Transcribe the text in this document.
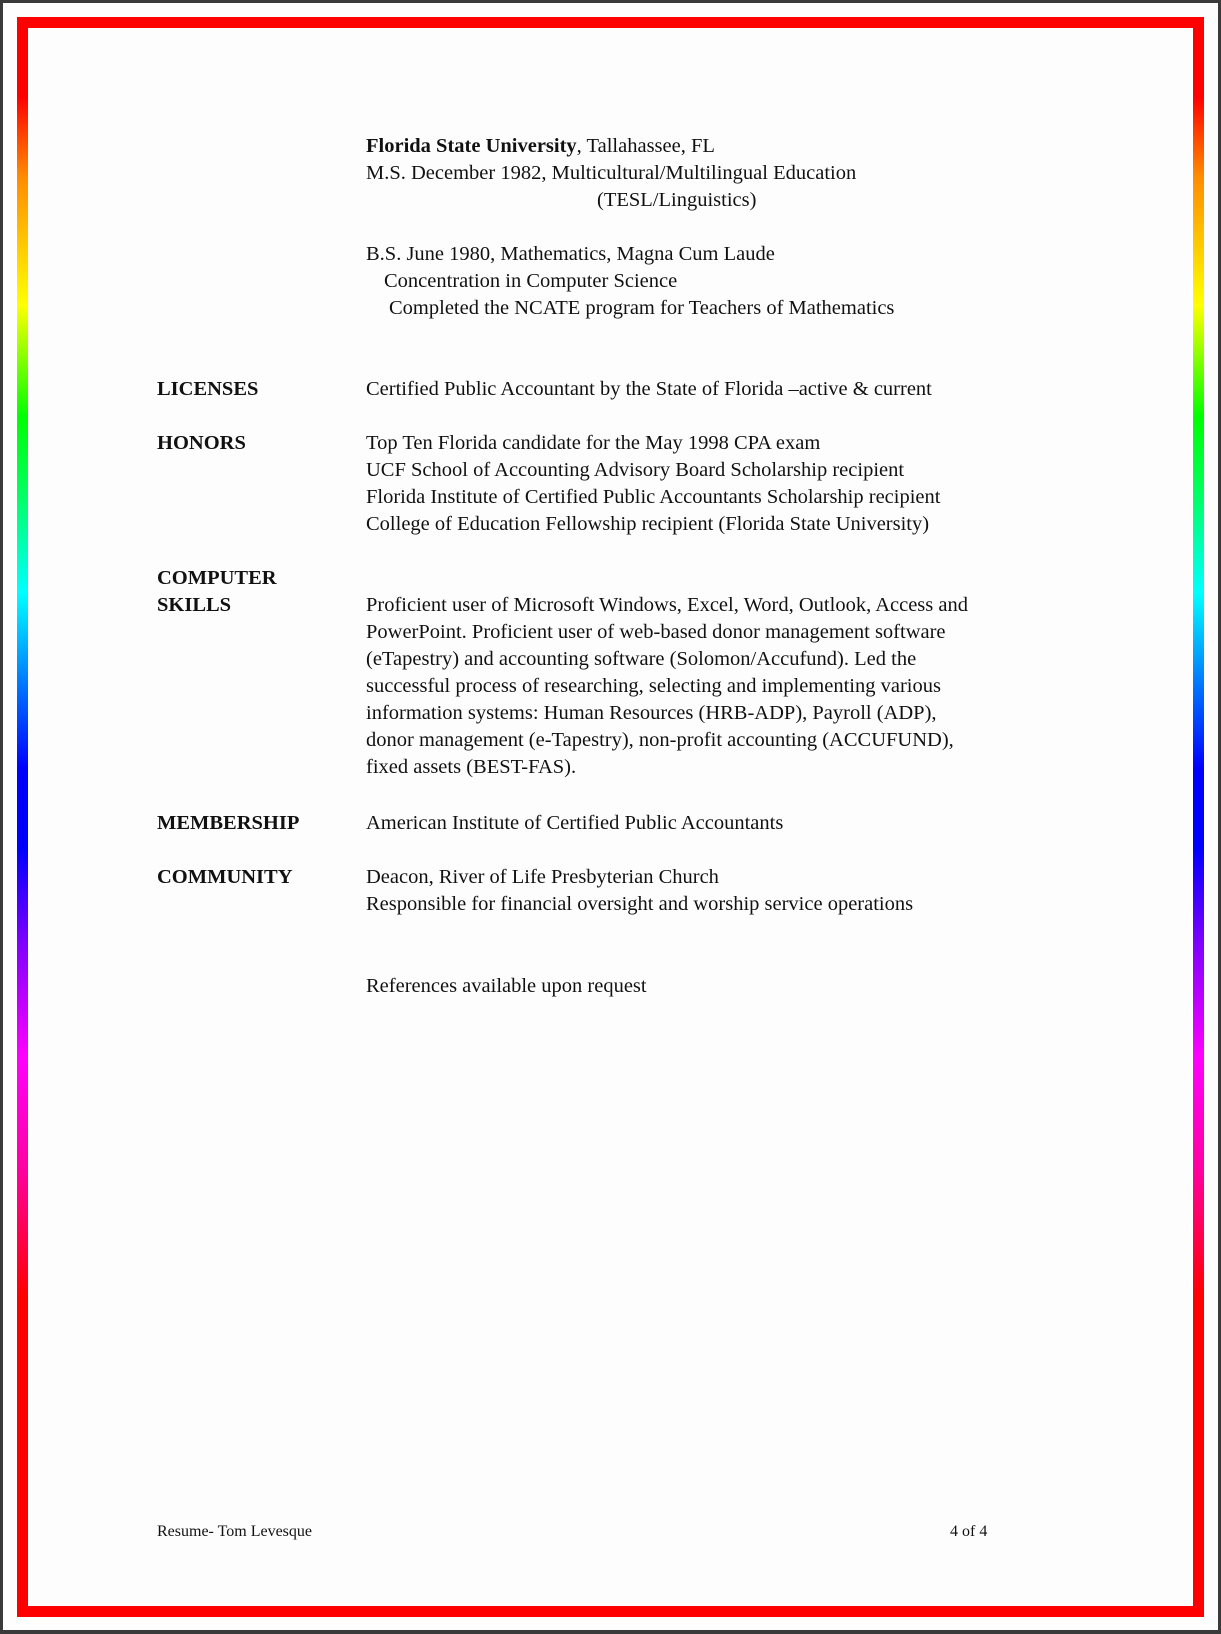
Florida State University, Tallahassee, FL
M.S. December 1982, Multicultural/Multilingual Education
(TESL/Linguistics)
B.S. June 1980, Mathematics, Magna Cum Laude
Concentration in Computer Science
Completed the NCATE program for Teachers of Mathematics
LICENSES	Certified Public Accountant by the State of Florida –active & current
HONORS	Top Ten Florida candidate for the May 1998 CPA exam
UCF School of Accounting Advisory Board Scholarship recipient
Florida Institute of Certified Public Accountants Scholarship recipient
College of Education Fellowship recipient (Florida State University)
COMPUTER
SKILLS	Proficient user of Microsoft Windows, Excel, Word, Outlook, Access and
PowerPoint. Proficient user of web-based donor management software
(eTapestry) and accounting software (Solomon/Accufund). Led the
successful process of researching, selecting and implementing various
information systems: Human Resources (HRB-ADP), Payroll (ADP),
donor management (e-Tapestry), non-profit accounting (ACCUFUND),
fixed assets (BEST-FAS).
MEMBERSHIP	American Institute of Certified Public Accountants
COMMUNITY	Deacon, River of Life Presbyterian Church
Responsible for financial oversight and worship service operations
References available upon request
Resume- Tom Levesque	4 of 4
